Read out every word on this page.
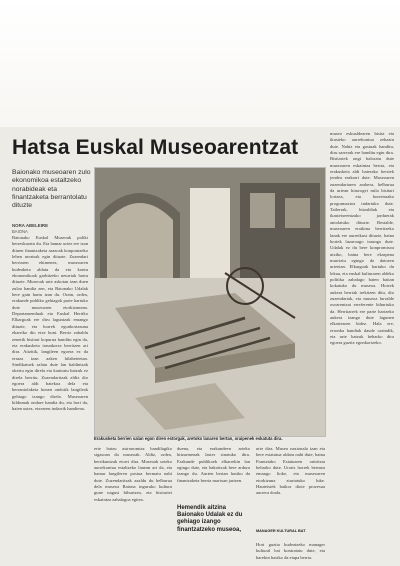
Hatsa Euskal Museoarentzat

Baionako museoaren zulo ekonomikoa estaltzeko norabideak eta finantzaketa berrantolatu dituzte

NORA ABELEIRE
BAIONA

Baionako Euskal Museoak poliki berreskuratu du. Eta hamar urtez ere izan dituen finantzaketa arazoak konpontzeko lehen urratsak egin dituzte. Zuzendari berriaren ekimenez, museoaren kudeaketa aldatu da eta kontu ekonomikoak garbitzeko neurriak hartu dituzte. Museoak urte askotan izan duen zuloa handia zen, eta Baionako Udalak bere gain hartu izan du. Orain, ordea, erakunde publiko gehiagok parte hartuko dute museoaren etorkizunean. Departamenduak eta Euskal Herriko Elkargoak ere diru laguntzak emango dituzte, eta horrek egonkortasuna ekarriko dio etxe honi. Berriz zabaldu zenetik bisitari kopurua handitu egin da, eta erakusketa iraunkorra berritzen ari dira. Aitzitik, langileen egoera ez da erraza izan azken hilabeteetan. Sindikatuek salatu dute lan baldintzak okertu egin direla eta kontratu batzuk ez direla berritu. Zuzendaritzak aldiz dio egoera aldi batekoa dela eta berrantolaketa honen ondotik langileak gehiago izango direla. Museoaren bildumak ondare handia du, eta hori da, haien ustez, etxearen indarrik handiena.

Erakusketa berrien salan egon diren estorgak, aretoko lanaren bertan, oraipenek eskatuta dira.

erte batzu astronomiaz bandilagiko sigasoan du museoak. Aldiz, ordea, berrikuntzak etorri dira. Museoak urteko aurrekontua estaltzeko lanean ari da, eta hamar langileren postua bermatu nahi dute. Zuzendaritzak azaldu du helburua dela museoa Baiona inguruko kultura gune nagusi bihurtzea, eta bisitariei eskaintza zabalagoa egitea.

duena, eta erakundeen arteko hitzarmenak laster sinatuko dira. Erakunde publikoek elkarrekin lan egingo dute, eta bakoitzak bere ardura izango du. Aurten bertan hasiko da finantzaketa berria martxan jartzen.

Hemendik aitzina Baionako Udalak ez du gehiago izango finantzatzeko museoa,

urte dira. Museo nazionala izan eta bere estatutua aldatu nahi dute, baina Frantziako Estatuaren oniritzia beharko dute. Urrats horrek bermea emango lioke, eta museoaren etorkizuna ziurtatuko luke. Hautetsiek baikor diote prozesua aurrera doala.

MANAGER KULTURAL BAT

Hori guztia kudeatzeko manager kultural bat kontratatu dute, eta harekin hasiko da etapa berria.

museo eskualdearen bisita eta ikusteko aurrekontua zehaztu dute. Nahiz eta gastuak handitu, diru sarrerak ere handitu egin dira. Bisitariek ongi baloratu dute museoaren eskaintza berria, eta erakusketa aldi baterako berriek jendea erakarri dute. Museoaren zuzendariaren arabera, helburua da urtean hirurogei mila bisitari lortzea, eta horretarako programazioa indartuko dute. Tailerrak, hitzaldiak eta ikastetxeentzako jarduerak antolatuko dituzte. Bestalde, museoaren eraikina berritzeko lanak ere aurreikusi dituzte, baina horiek luzaroago iraungo dute. Udalak ez du bere konpromisoa utziko, baina bere ekarpena murriztu egingo da datozen urteetan. Elkargoak hartuko du lekua, eta euskal kulturaren aldeko politika zabalago baten baitan kokatuko du museoa. Horrek aukera berriak irekitzen ditu, dio zuzendariak, eta museoa lurralde osoarentzat erreferente bihurtuko da. Herritarrek ere parte hartzeko aukera izango dute lagunen elkartearen bidez. Hala ere, erronka handiak daude oraindik, eta urte batzuk beharko dira egoera guztiz egonkortzeko.
